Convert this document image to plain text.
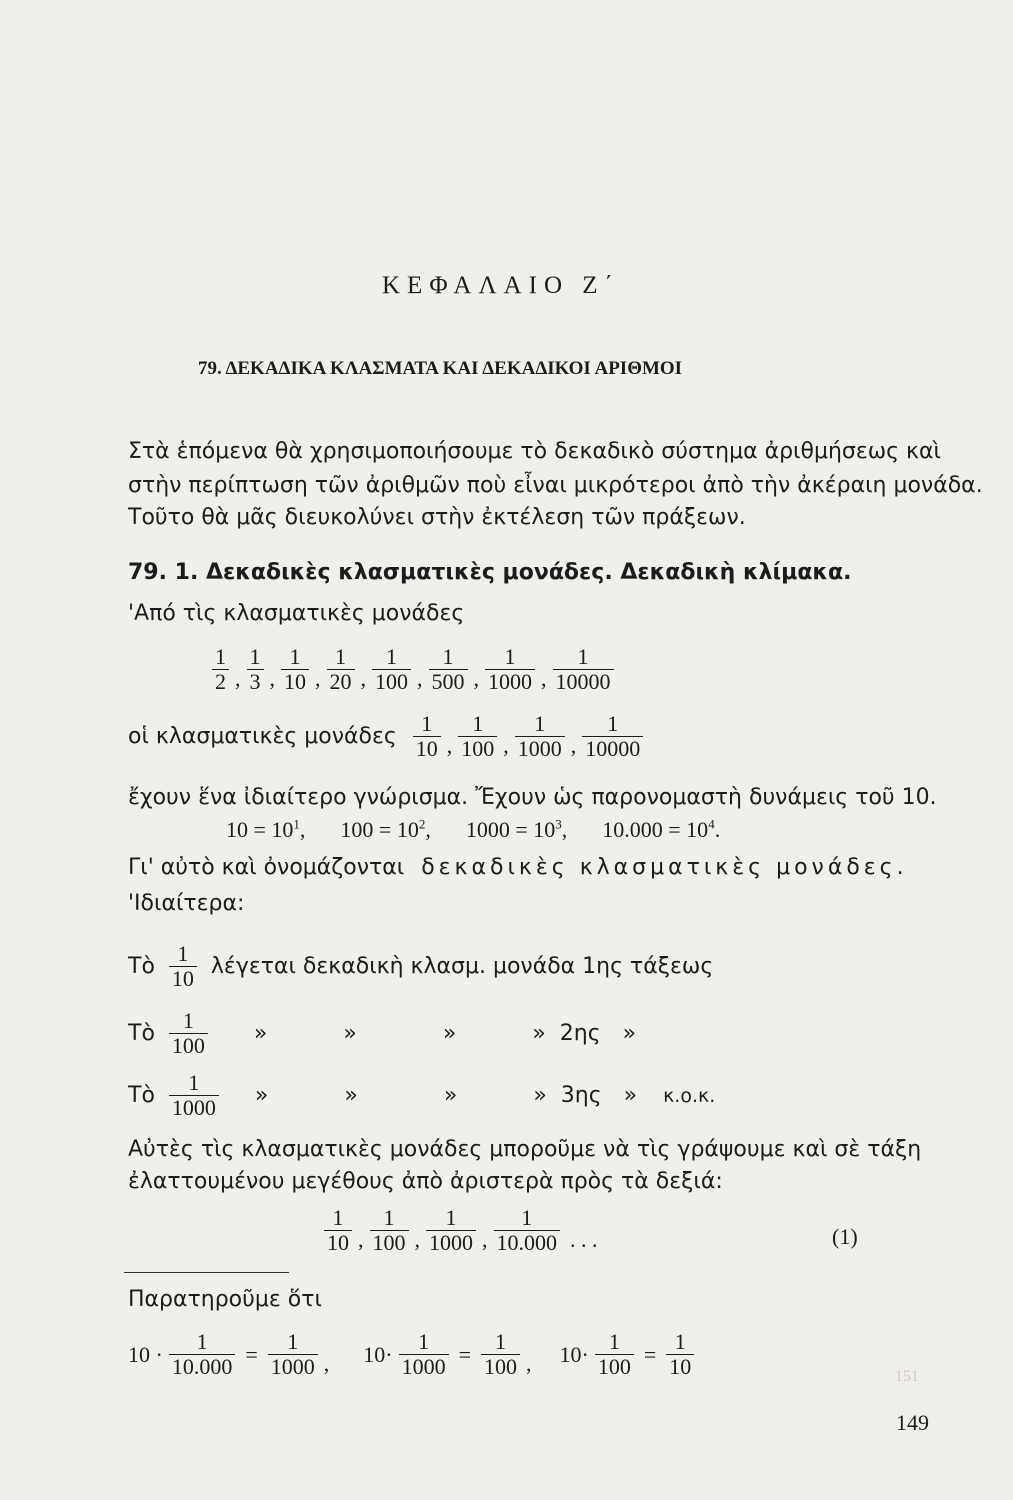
151
ΚΕΦΑΛΑΙΟ Ζ΄
79. ΔΕΚΑΔΙΚΑ ΚΛΑΣΜΑΤΑ ΚΑΙ ΔΕΚΑΔΙΚΟΙ ΑΡΙΘΜΟΙ
Στὰ ἑπόμενα θὰ χρησιμοποιήσουμε τὸ δεκαδικὸ σύστημα ἀριθμήσεως καὶ
στὴν περίπτωση τῶν ἀριθμῶν ποὺ εἶναι μικρότεροι ἀπὸ τὴν ἀκέραιη μονάδα.
Τοῦτο θὰ μᾶς διευκολύνει στὴν ἐκτέλεση τῶν πράξεων.
79. 1. Δεκαδικὲς κλασματικὲς μονάδες. Δεκαδικὴ κλίμακα.
'Από τὶς κλασματικὲς μονάδες
$\frac{1}{2}$ , $\frac{1}{3}$ , $\frac{1}{10}$ , $\frac{1}{20}$ , $\frac{1}{100}$ , $\frac{1}{500}$ , $\frac{1}{1000}$ , $\frac{1}{10000}$
οἱ κλασματικὲς μονάδες $\frac{1}{10}$ , $\frac{1}{100}$ , $\frac{1}{1000}$ , $\frac{1}{10000}$
ἔχουν ἕνα ἰδιαίτερο γνώρισμα. Ἔχουν ὡς παρονομαστὴ δυνάμεις τοῦ 10.
$10 = 10^1$, $100 = 10^2$, $1000 = 10^3$, $10.000 = 10^4$.
Γι' αὐτὸ καὶ ὀνομάζονται δεκαδικὲς κλασματικὲς μονάδες.
'Ιδιαίτερα:
Τὸ $\frac{1}{10}$ λέγεται δεκαδικὴ κλασμ. μονάδα 1ης τάξεως
Τὸ $\frac{1}{100}$ »	»	»	» 2ης »
Τὸ $\frac{1}{1000}$ »	»	»	» 3ης » κ.ο.κ.
Αὐτὲς τὶς κλασματικὲς μονάδες μποροῦμε νὰ τὶς γράψουμε καὶ σὲ τάξη
ἐλαττουμένου μεγέθους ἀπὸ ἀριστερὰ πρὸς τὰ δεξιά:
$\frac{1}{10}$ , $\frac{1}{100}$ , $\frac{1}{1000}$ , $\frac{1}{10.000}$ . . .	(1)
Παρατηροῦμε ὅτι
$10 \cdot \frac{1}{10.000} = \frac{1}{1000}$ , $10\cdot \frac{1}{1000} = \frac{1}{100}$ , $10\cdot \frac{1}{100} = \frac{1}{10}$
149
